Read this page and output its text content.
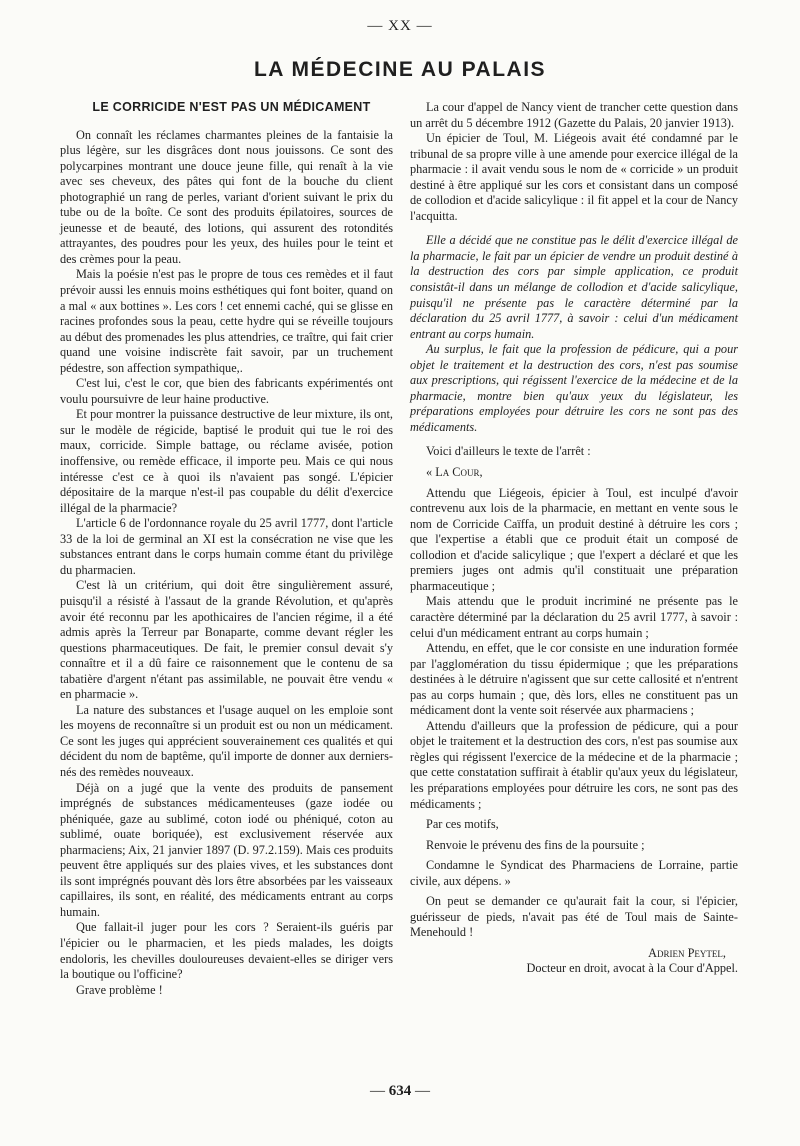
— XX —
LA MÉDECINE AU PALAIS

LE CORRICIDE N'EST PAS UN MÉDICAMENT

On connaît les réclames charmantes pleines de la fantaisie la plus légère, sur les disgrâces dont nous jouissons. Ce sont des polycarpines montrant une douce jeune fille, qui renaît à la vie avec ses cheveux, des pâtes qui font de la bouche du client photographié un rang de perles, variant d'orient suivant le prix du tube ou de la boîte. Ce sont des produits épilatoires, sources de jeunesse et de beauté, des lotions, qui assurent des rotondités attrayantes, des poudres pour les yeux, des huiles pour le teint et des crèmes pour la peau.

Mais la poésie n'est pas le propre de tous ces remèdes et il faut prévoir aussi les ennuis moins esthétiques qui font boiter, quand on a mal « aux bottines ». Les cors ! cet ennemi caché, qui se glisse en racines profondes sous la peau, cette hydre qui se réveille toujours au début des promenades les plus attendries, ce traître, qui fait crier quand une voisine indiscrète fait savoir, par un truchement pédestre, son affection sympathique,.

C'est lui, c'est le cor, que bien des fabricants expérimentés ont voulu poursuivre de leur haine productive.

Et pour montrer la puissance destructive de leur mixture, ils ont, sur le modèle de régicide, baptisé le produit qui tue le roi des maux, corricide. Simple battage, ou réclame avisée, potion inoffensive, ou remède efficace, il importe peu. Mais ce qui nous intéresse c'est ce à quoi ils n'avaient pas songé. L'épicier dépositaire de la marque n'est-il pas coupable du délit d'exercice illégal de la pharmacie?

L'article 6 de l'ordonnance royale du 25 avril 1777, dont l'article 33 de la loi de germinal an XI est la consécration ne vise que les substances entrant dans le corps humain comme étant du privilège du pharmacien.

C'est là un critérium, qui doit être singulièrement assuré, puisqu'il a résisté à l'assaut de la grande Révolution, et qu'après avoir été reconnu par les apothicaires de l'ancien régime, il a été admis après la Terreur par Bonaparte, comme devant régler les questions pharmaceutiques. De fait, le premier consul devait s'y connaître et il a dû faire ce raisonnement que le contenu de sa tabatière d'argent n'étant pas assimilable, ne pouvait être vendu « en pharmacie ».

La nature des substances et l'usage auquel on les emploie sont les moyens de reconnaître si un produit est ou non un médicament. Ce sont les juges qui apprécient souverainement ces qualités et qui décident du nom de baptême, qu'il importe de donner aux derniers-nés des remèdes nouveaux.

Déjà on a jugé que la vente des produits de pansement imprégnés de substances médicamenteuses (gaze iodée ou phéniquée, gaze au sublimé, coton iodé ou phéniqué, coton au sublimé, ouate boriquée), est exclusivement réservée aux pharmaciens; Aix, 21 janvier 1897 (D. 97.2.159). Mais ces produits peuvent être appliqués sur des plaies vives, et les substances dont ils sont imprégnés pouvant dès lors être absorbées par les vaisseaux capillaires, ils sont, en réalité, des médicaments entrant au corps humain.

Que fallait-il juger pour les cors ? Seraient-ils guéris par l'épicier ou le pharmacien, et les pieds malades, les doigts endoloris, les chevilles douloureuses devaient-elles se diriger vers la boutique ou l'officine?

Grave problème !

La cour d'appel de Nancy vient de trancher cette question dans un arrêt du 5 décembre 1912 (Gazette du Palais, 20 janvier 1913).

Un épicier de Toul, M. Liégeois avait été condamné par le tribunal de sa propre ville à une amende pour exercice illégal de la pharmacie : il avait vendu sous le nom de « corricide » un produit destiné à être appliqué sur les cors et consistant dans un composé de collodion et d'acide salicylique : il fit appel et la cour de Nancy l'acquitta.

Elle a décidé que ne constitue pas le délit d'exercice illégal de la pharmacie, le fait par un épicier de vendre un produit destiné à la destruction des cors par simple application, ce produit consistât-il dans un mélange de collodion et d'acide salicylique, puisqu'il ne présente pas le caractère déterminé par la déclaration du 25 avril 1777, à savoir : celui d'un médicament entrant au corps humain.

Au surplus, le fait que la profession de pédicure, qui a pour objet le traitement et la destruction des cors, n'est pas soumise aux prescriptions, qui régissent l'exercice de la médecine et de la pharmacie, montre bien qu'aux yeux du législateur, les préparations employées pour détruire les cors ne sont pas des médicaments.

Voici d'ailleurs le texte de l'arrêt :

« La Cour,

Attendu que Liégeois, épicier à Toul, est inculpé d'avoir contrevenu aux lois de la pharmacie, en mettant en vente sous le nom de Corricide Caïffa, un produit destiné à détruire les cors ; que l'expertise a établi que ce produit était un composé de collodion et d'acide salicylique ; que l'expert a déclaré et que les premiers juges ont admis qu'il constituait une préparation pharmaceutique ;

Mais attendu que le produit incriminé ne présente pas le caractère déterminé par la déclaration du 25 avril 1777, à savoir : celui d'un médicament entrant au corps humain ;

Attendu, en effet, que le cor consiste en une induration formée par l'agglomération du tissu épidermique ; que les préparations destinées à le détruire n'agissent que sur cette callosité et n'entrent pas au corps humain ; que, dès lors, elles ne constituent pas un médicament dont la vente soit réservée aux pharmaciens ;

Attendu d'ailleurs que la profession de pédicure, qui a pour objet le traitement et la destruction des cors, n'est pas soumise aux règles qui régissent l'exercice de la médecine et de la pharmacie ; que cette constatation suffirait à établir qu'aux yeux du législateur, les préparations employées pour détruire les cors, ne sont pas des médicaments ;

Par ces motifs,

Renvoie le prévenu des fins de la poursuite ;

Condamne le Syndicat des Pharmaciens de Lorraine, partie civile, aux dépens. »

On peut se demander ce qu'aurait fait la cour, si l'épicier, guérisseur de pieds, n'avait pas été de Toul mais de Sainte-Menehould !

Adrien Peytel,

Docteur en droit, avocat à la Cour d'Appel.

— 634 —
